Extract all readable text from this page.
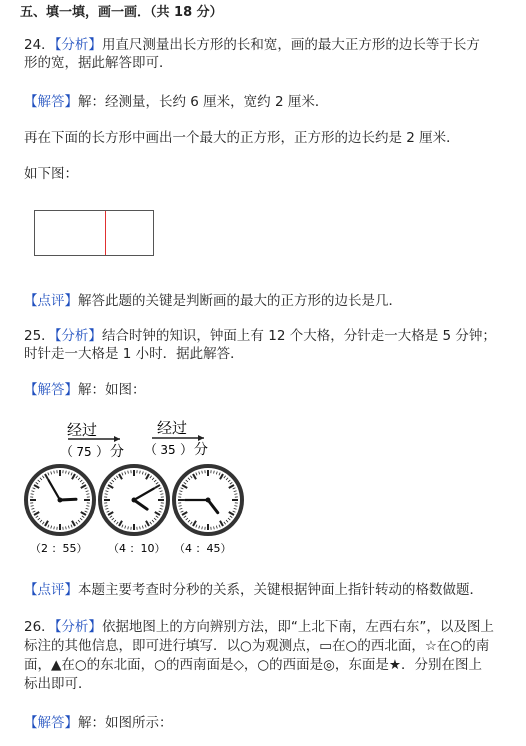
五、填一填，画一画．（共 18 分）
24．【分析】用直尺测量出长方形的长和宽，画的最大正方形的边长等于长方
形的宽，据此解答即可．
【解答】解：经测量，长约 6 厘米，宽约 2 厘米．
再在下面的长方形中画出一个最大的正方形，正方形的边长约是 2 厘米．
如下图：
【点评】解答此题的关键是判断画的最大的正方形的边长是几．
25．【分析】结合时钟的知识，钟面上有 12 个大格，分针走一大格是 5 分钟；
时针走一大格是 1 小时．据此解答．
【解答】解：如图：
经过	经过
（ 75 ） 分 （ 35 ） 分
（2 ：55） （4 ：10） （4 ：45）
【点评】本题主要考查时分秒的关系，关键根据钟面上指针转动的格数做题．
26．【分析】依据地图上的方向辨别方法，即“上北下南，左西右东”，以及图上
标注的其他信息，即可进行填写．以○为观测点，▭在○的西北面，☆在○的南
面，▲在○的东北面，○的西南面是◇，○的西面是◎，东面是★．分别在图上
标出即可．
【解答】解：如图所示：
